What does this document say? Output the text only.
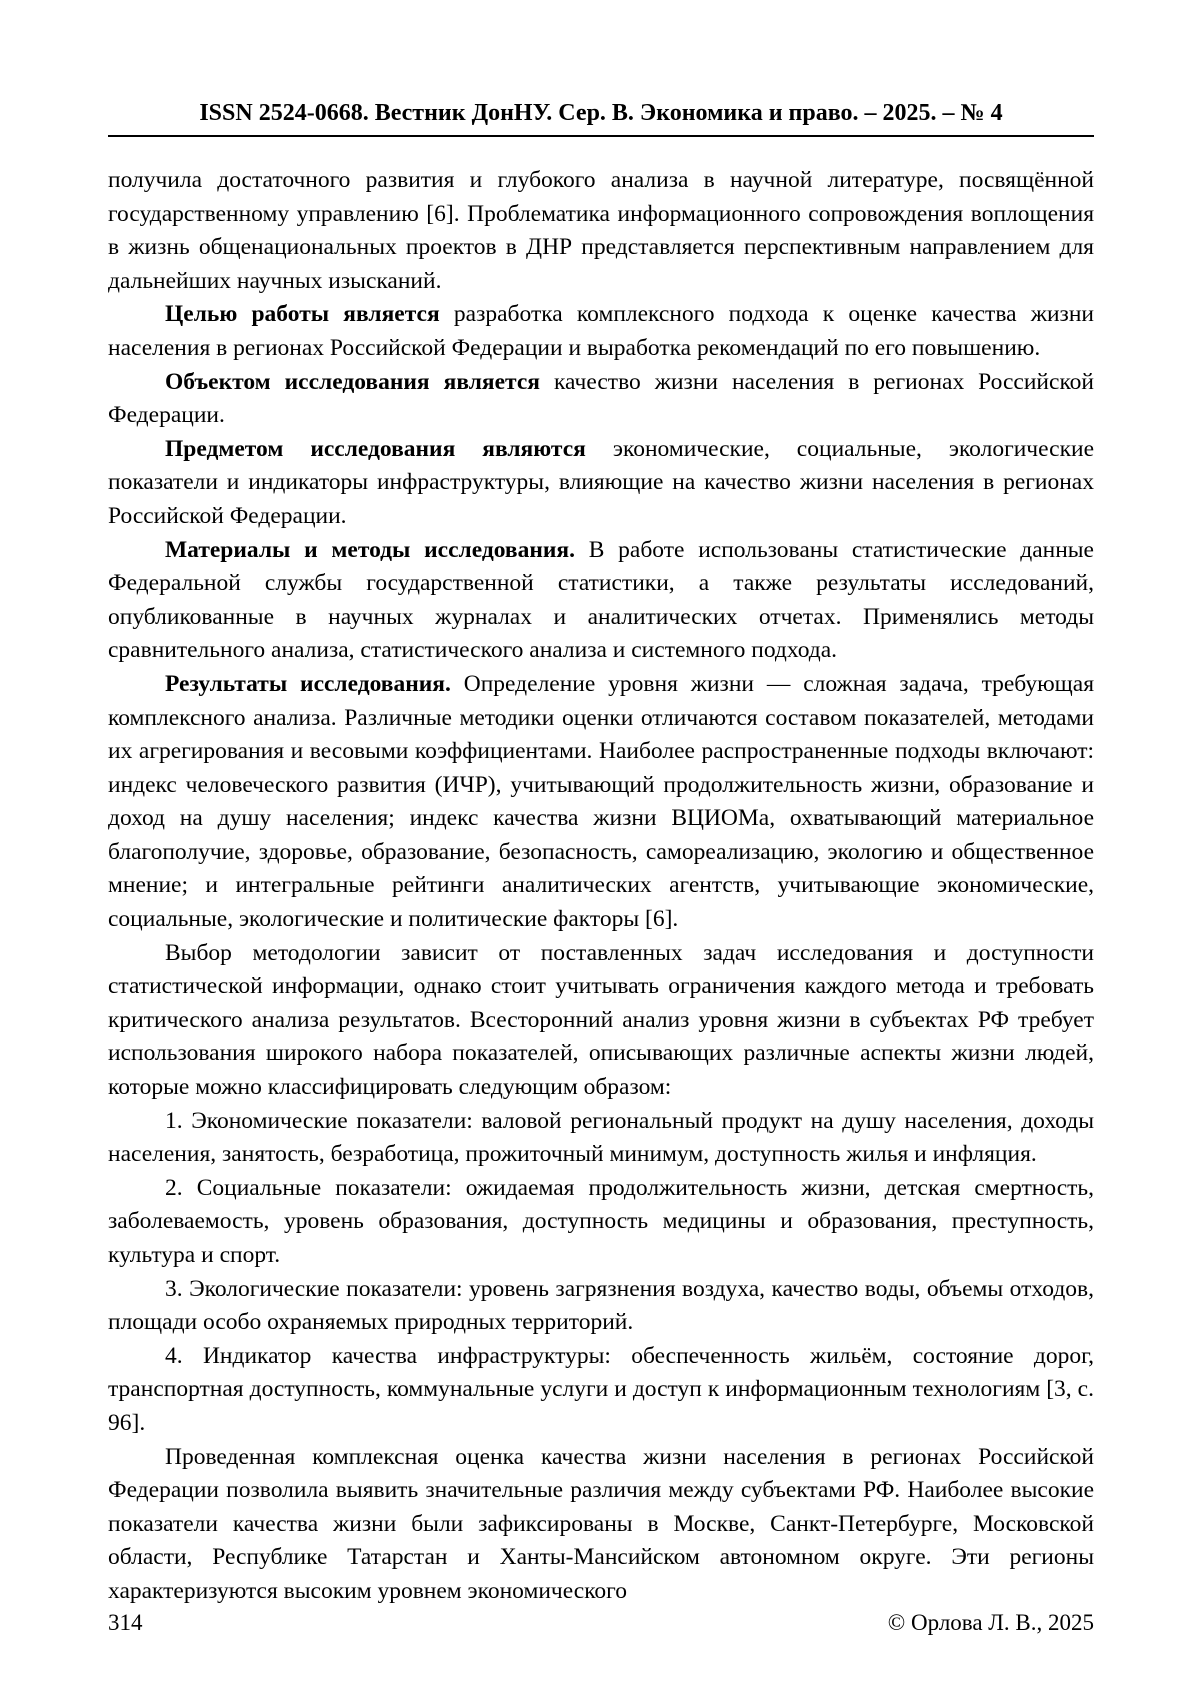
ISSN 2524-0668. Вестник ДонНУ. Сер. В. Экономика и право. – 2025. – № 4

получила достаточного развития и глубокого анализа в научной литературе, посвящённой государственному управлению [6]. Проблематика информационного сопровождения воплощения в жизнь общенациональных проектов в ДНР представляется перспективным направлением для дальнейших научных изысканий.

Целью работы является разработка комплексного подхода к оценке качества жизни населения в регионах Российской Федерации и выработка рекомендаций по его повышению.

Объектом исследования является качество жизни населения в регионах Российской Федерации.

Предметом исследования являются экономические, социальные, экологические показатели и индикаторы инфраструктуры, влияющие на качество жизни населения в регионах Российской Федерации.

Материалы и методы исследования. В работе использованы статистические данные Федеральной службы государственной статистики, а также результаты исследований, опубликованные в научных журналах и аналитических отчетах. Применялись методы сравнительного анализа, статистического анализа и системного подхода.

Результаты исследования. Определение уровня жизни — сложная задача, требующая комплексного анализа. Различные методики оценки отличаются составом показателей, методами их агрегирования и весовыми коэффициентами. Наиболее распространенные подходы включают: индекс человеческого развития (ИЧР), учитывающий продолжительность жизни, образование и доход на душу населения; индекс качества жизни ВЦИОМа, охватывающий материальное благополучие, здоровье, образование, безопасность, самореализацию, экологию и общественное мнение; и интегральные рейтинги аналитических агентств, учитывающие экономические, социальные, экологические и политические факторы [6].

Выбор методологии зависит от поставленных задач исследования и доступности статистической информации, однако стоит учитывать ограничения каждого метода и требовать критического анализа результатов. Всесторонний анализ уровня жизни в субъектах РФ требует использования широкого набора показателей, описывающих различные аспекты жизни людей, которые можно классифицировать следующим образом:

1. Экономические показатели: валовой региональный продукт на душу населения, доходы населения, занятость, безработица, прожиточный минимум, доступность жилья и инфляция.

2. Социальные показатели: ожидаемая продолжительность жизни, детская смертность, заболеваемость, уровень образования, доступность медицины и образования, преступность, культура и спорт.

3. Экологические показатели: уровень загрязнения воздуха, качество воды, объемы отходов, площади особо охраняемых природных территорий.

4. Индикатор качества инфраструктуры: обеспеченность жильём, состояние дорог, транспортная доступность, коммунальные услуги и доступ к информационным технологиям [3, с. 96].

Проведенная комплексная оценка качества жизни населения в регионах Российской Федерации позволила выявить значительные различия между субъектами РФ. Наиболее высокие показатели качества жизни были зафиксированы в Москве, Санкт-Петербурге, Московской области, Республике Татарстан и Ханты-Мансийском автономном округе. Эти регионы характеризуются высоким уровнем экономического

314	© Орлова Л. В., 2025
